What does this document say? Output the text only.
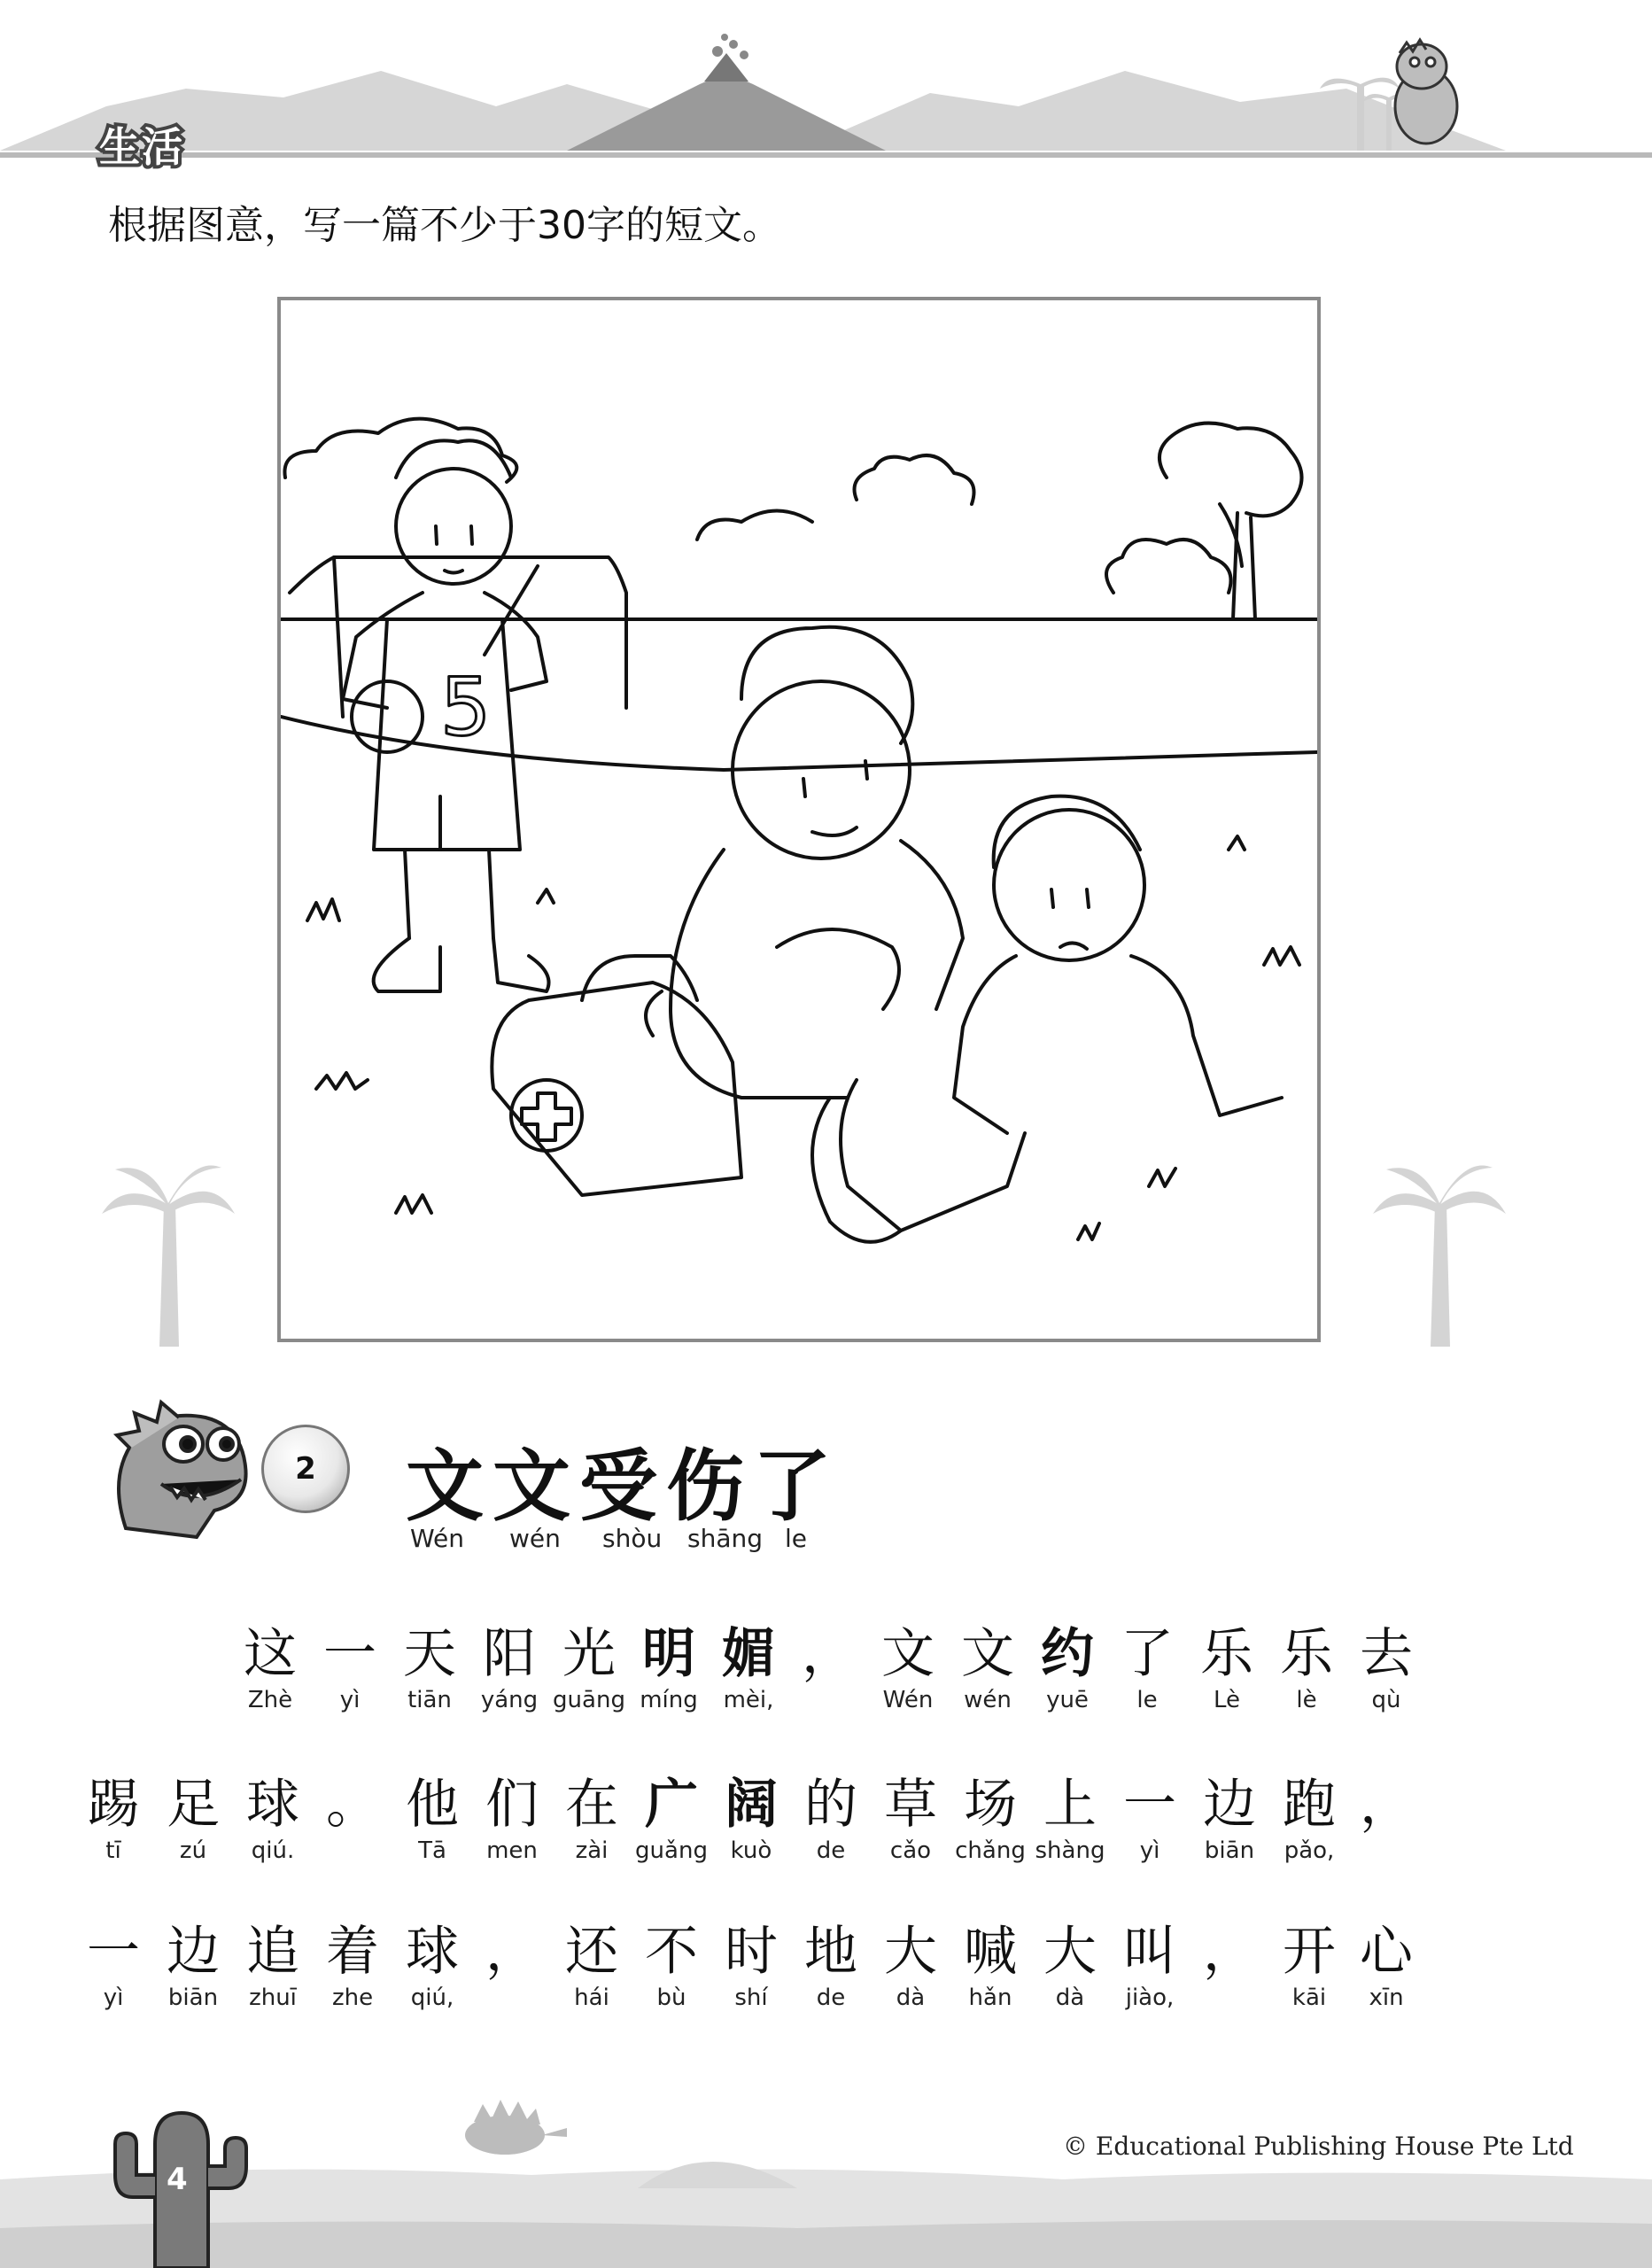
生活
根据图意，写一篇不少于30字的短文。
5
2	文文受伤了
Wén wén shòu shāng le
这
Zhè
一
yì
天
tiān
阳
yáng
光
guāng
明
míng
媚
mèi,
， 文
Wén
文
wén
约
yuē
了
le
乐
Lè
乐
lè
去
qù
踢
tī
足
zú
球
qiú.
。 他
Tā
们
men
在
zài
广
guǎng
阔
kuò
的
de
草
cǎo
场
chǎng
上
shàng
一
yì
边
biān
跑
pǎo,
，
一
yì
边
biān
追
zhuī
着
zhe
球
qiú,
， 还
hái
不
bù
时
shí
地
de
大
dà
喊
hǎn
大
dà
叫
jiào,
， 开
kāi
心
xīn
4
© Educational Publishing House Pte Ltd
